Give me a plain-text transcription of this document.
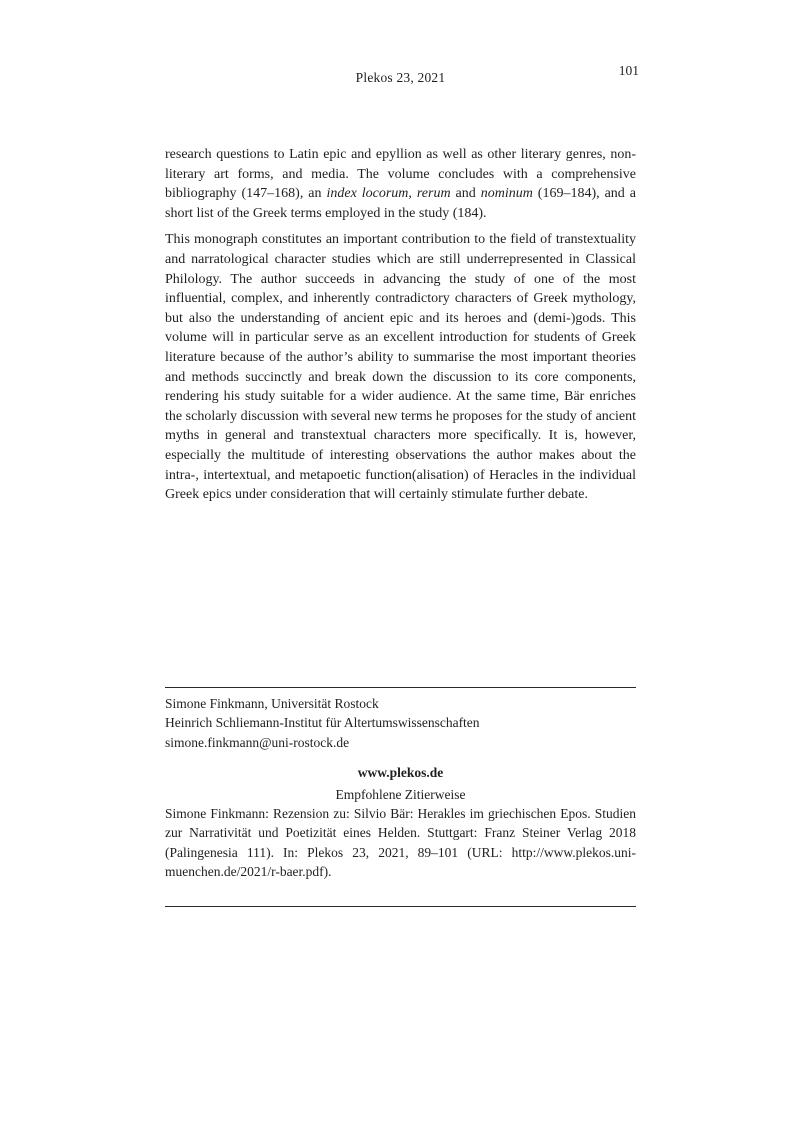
Plekos 23, 2021	101

research questions to Latin epic and epyllion as well as other literary genres, non-literary art forms, and media. The volume concludes with a comprehensive bibliography (147–168), an index locorum, rerum and nominum (169–184), and a short list of the Greek terms employed in the study (184).

This monograph constitutes an important contribution to the field of transtextuality and narratological character studies which are still underrepresented in Classical Philology. The author succeeds in advancing the study of one of the most influential, complex, and inherently contradictory characters of Greek mythology, but also the understanding of ancient epic and its heroes and (demi-)gods. This volume will in particular serve as an excellent introduction for students of Greek literature because of the author’s ability to summarise the most important theories and methods succinctly and break down the discussion to its core components, rendering his study suitable for a wider audience. At the same time, Bär enriches the scholarly discussion with several new terms he proposes for the study of ancient myths in general and transtextual characters more specifically. It is, however, especially the multitude of interesting observations the author makes about the intra-, intertextual, and metapoetic function(alisation) of Heracles in the individual Greek epics under consideration that will certainly stimulate further debate.

Simone Finkmann, Universität Rostock
Heinrich Schliemann-Institut für Altertumswissenschaften
simone.finkmann@uni-rostock.de
www.plekos.de
Empfohlene Zitierweise
Simone Finkmann: Rezension zu: Silvio Bär: Herakles im griechischen Epos. Studien zur Narrativität und Poetizität eines Helden. Stuttgart: Franz Steiner Verlag 2018 (Palingenesia 111). In: Plekos 23, 2021, 89–101 (URL: http://www.plekos.uni-muenchen.de/2021/r-baer.pdf).
